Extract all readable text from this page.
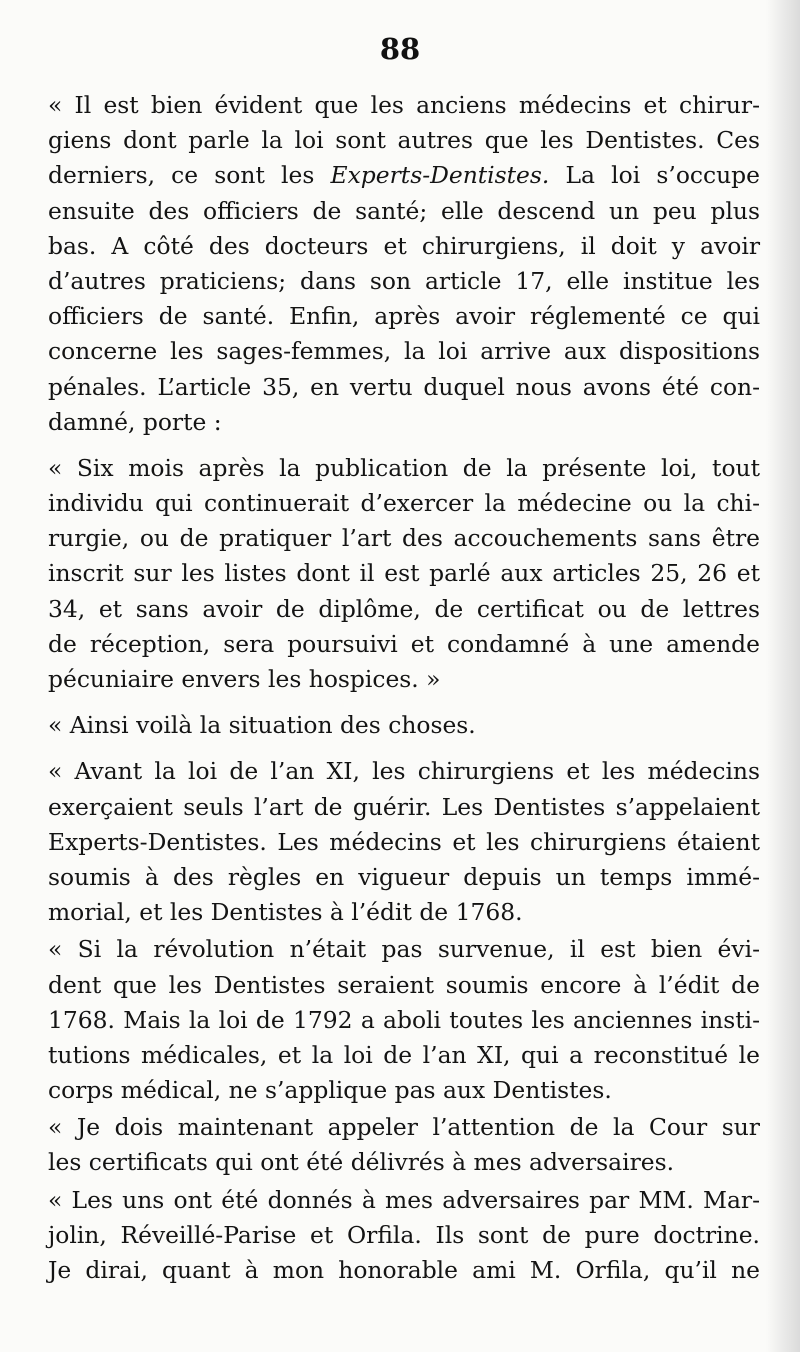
88
« Il est bien évident que les anciens médecins et chirur-
giens dont parle la loi sont autres que les Dentistes. Ces
derniers, ce sont les Experts-Dentistes. La loi s’occupe
ensuite des officiers de santé; elle descend un peu plus
bas. A côté des docteurs et chirurgiens, il doit y avoir
d’autres praticiens; dans son article 17, elle institue les
officiers de santé. Enfin, après avoir réglementé ce qui
concerne les sages-femmes, la loi arrive aux dispositions
pénales. L’article 35, en vertu duquel nous avons été con-
damné, porte :
« Six mois après la publication de la présente loi, tout
individu qui continuerait d’exercer la médecine ou la chi-
rurgie, ou de pratiquer l’art des accouchements sans être
inscrit sur les listes dont il est parlé aux articles 25, 26 et
34, et sans avoir de diplôme, de certificat ou de lettres
de réception, sera poursuivi et condamné à une amende
pécuniaire envers les hospices. »
« Ainsi voilà la situation des choses.
« Avant la loi de l’an XI, les chirurgiens et les médecins
exerçaient seuls l’art de guérir. Les Dentistes s’appelaient
Experts-Dentistes. Les médecins et les chirurgiens étaient
soumis à des règles en vigueur depuis un temps immé-
morial, et les Dentistes à l’édit de 1768.
« Si la révolution n’était pas survenue, il est bien évi-
dent que les Dentistes seraient soumis encore à l’édit de
1768. Mais la loi de 1792 a aboli toutes les anciennes insti-
tutions médicales, et la loi de l’an XI, qui a reconstitué le
corps médical, ne s’applique pas aux Dentistes.
« Je dois maintenant appeler l’attention de la Cour sur
les certificats qui ont été délivrés à mes adversaires.
« Les uns ont été donnés à mes adversaires par MM. Mar-
jolin, Réveillé-Parise et Orfila. Ils sont de pure doctrine.
Je dirai, quant à mon honorable ami M. Orfila, qu’il ne
